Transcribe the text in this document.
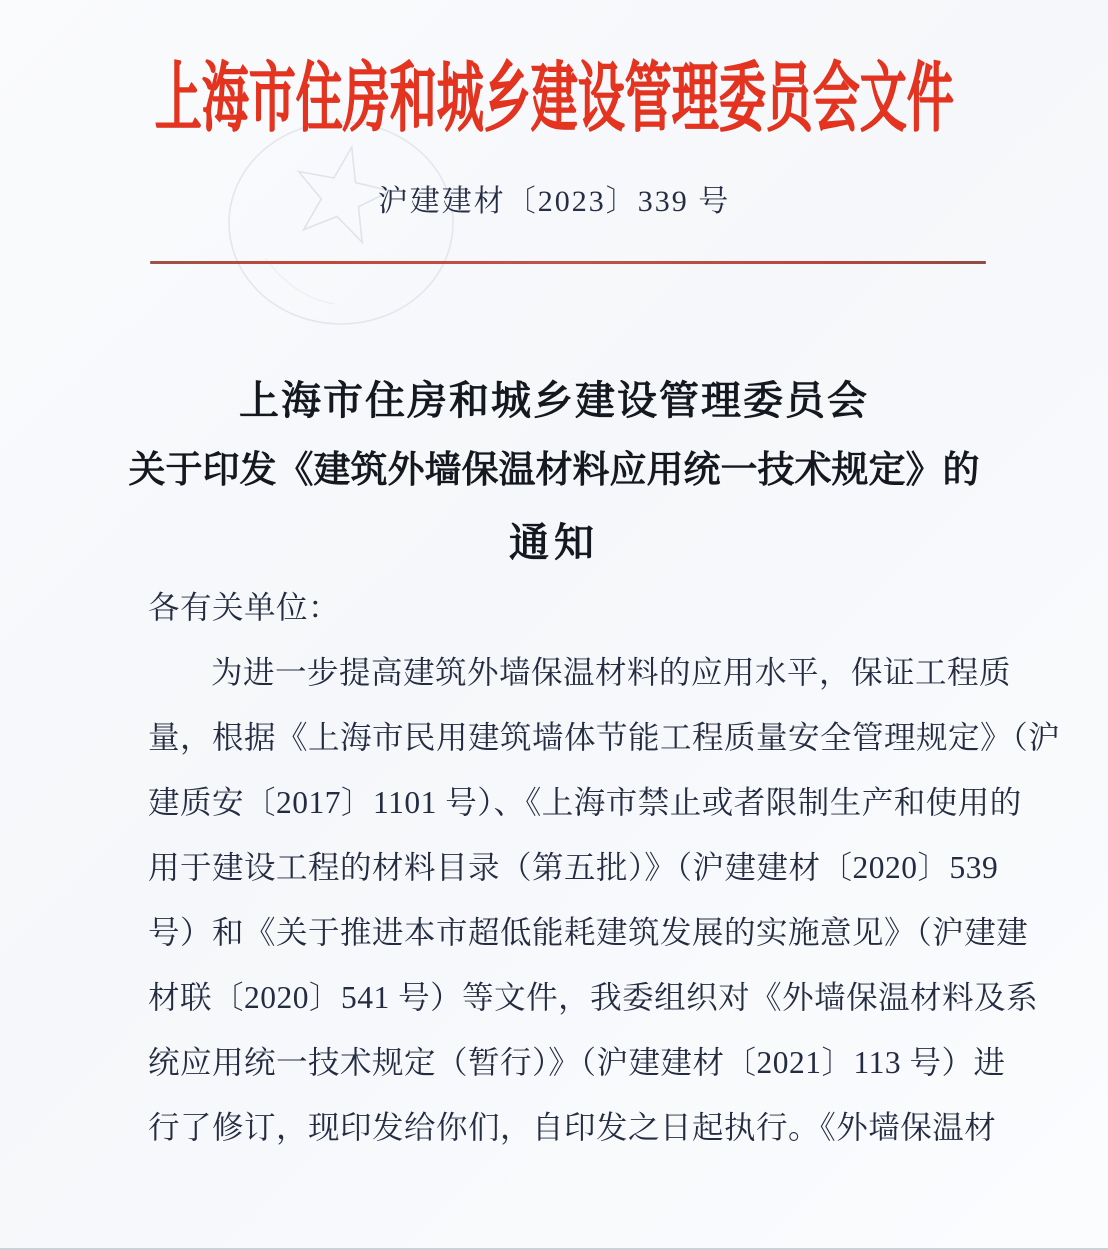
上海市住房和城乡建设管理委员会文件
沪建建材〔2023〕339 号
上海市住房和城乡建设管理委员会
关于印发《建筑外墙保温材料应用统一技术规定》的
通知
各有关单位：
为进一步提高建筑外墙保温材料的应用水平，保证工程质
量，根据《上海市民用建筑墙体节能工程质量安全管理规定》（沪
建质安〔2017〕1101 号）、《上海市禁止或者限制生产和使用的
用于建设工程的材料目录（第五批）》（沪建建材〔2020〕539
号）和《关于推进本市超低能耗建筑发展的实施意见》（沪建建
材联〔2020〕541 号）等文件，我委组织对《外墙保温材料及系
统应用统一技术规定（暂行）》（沪建建材〔2021〕113 号）进
行了修订，现印发给你们，自印发之日起执行。《外墙保温材
